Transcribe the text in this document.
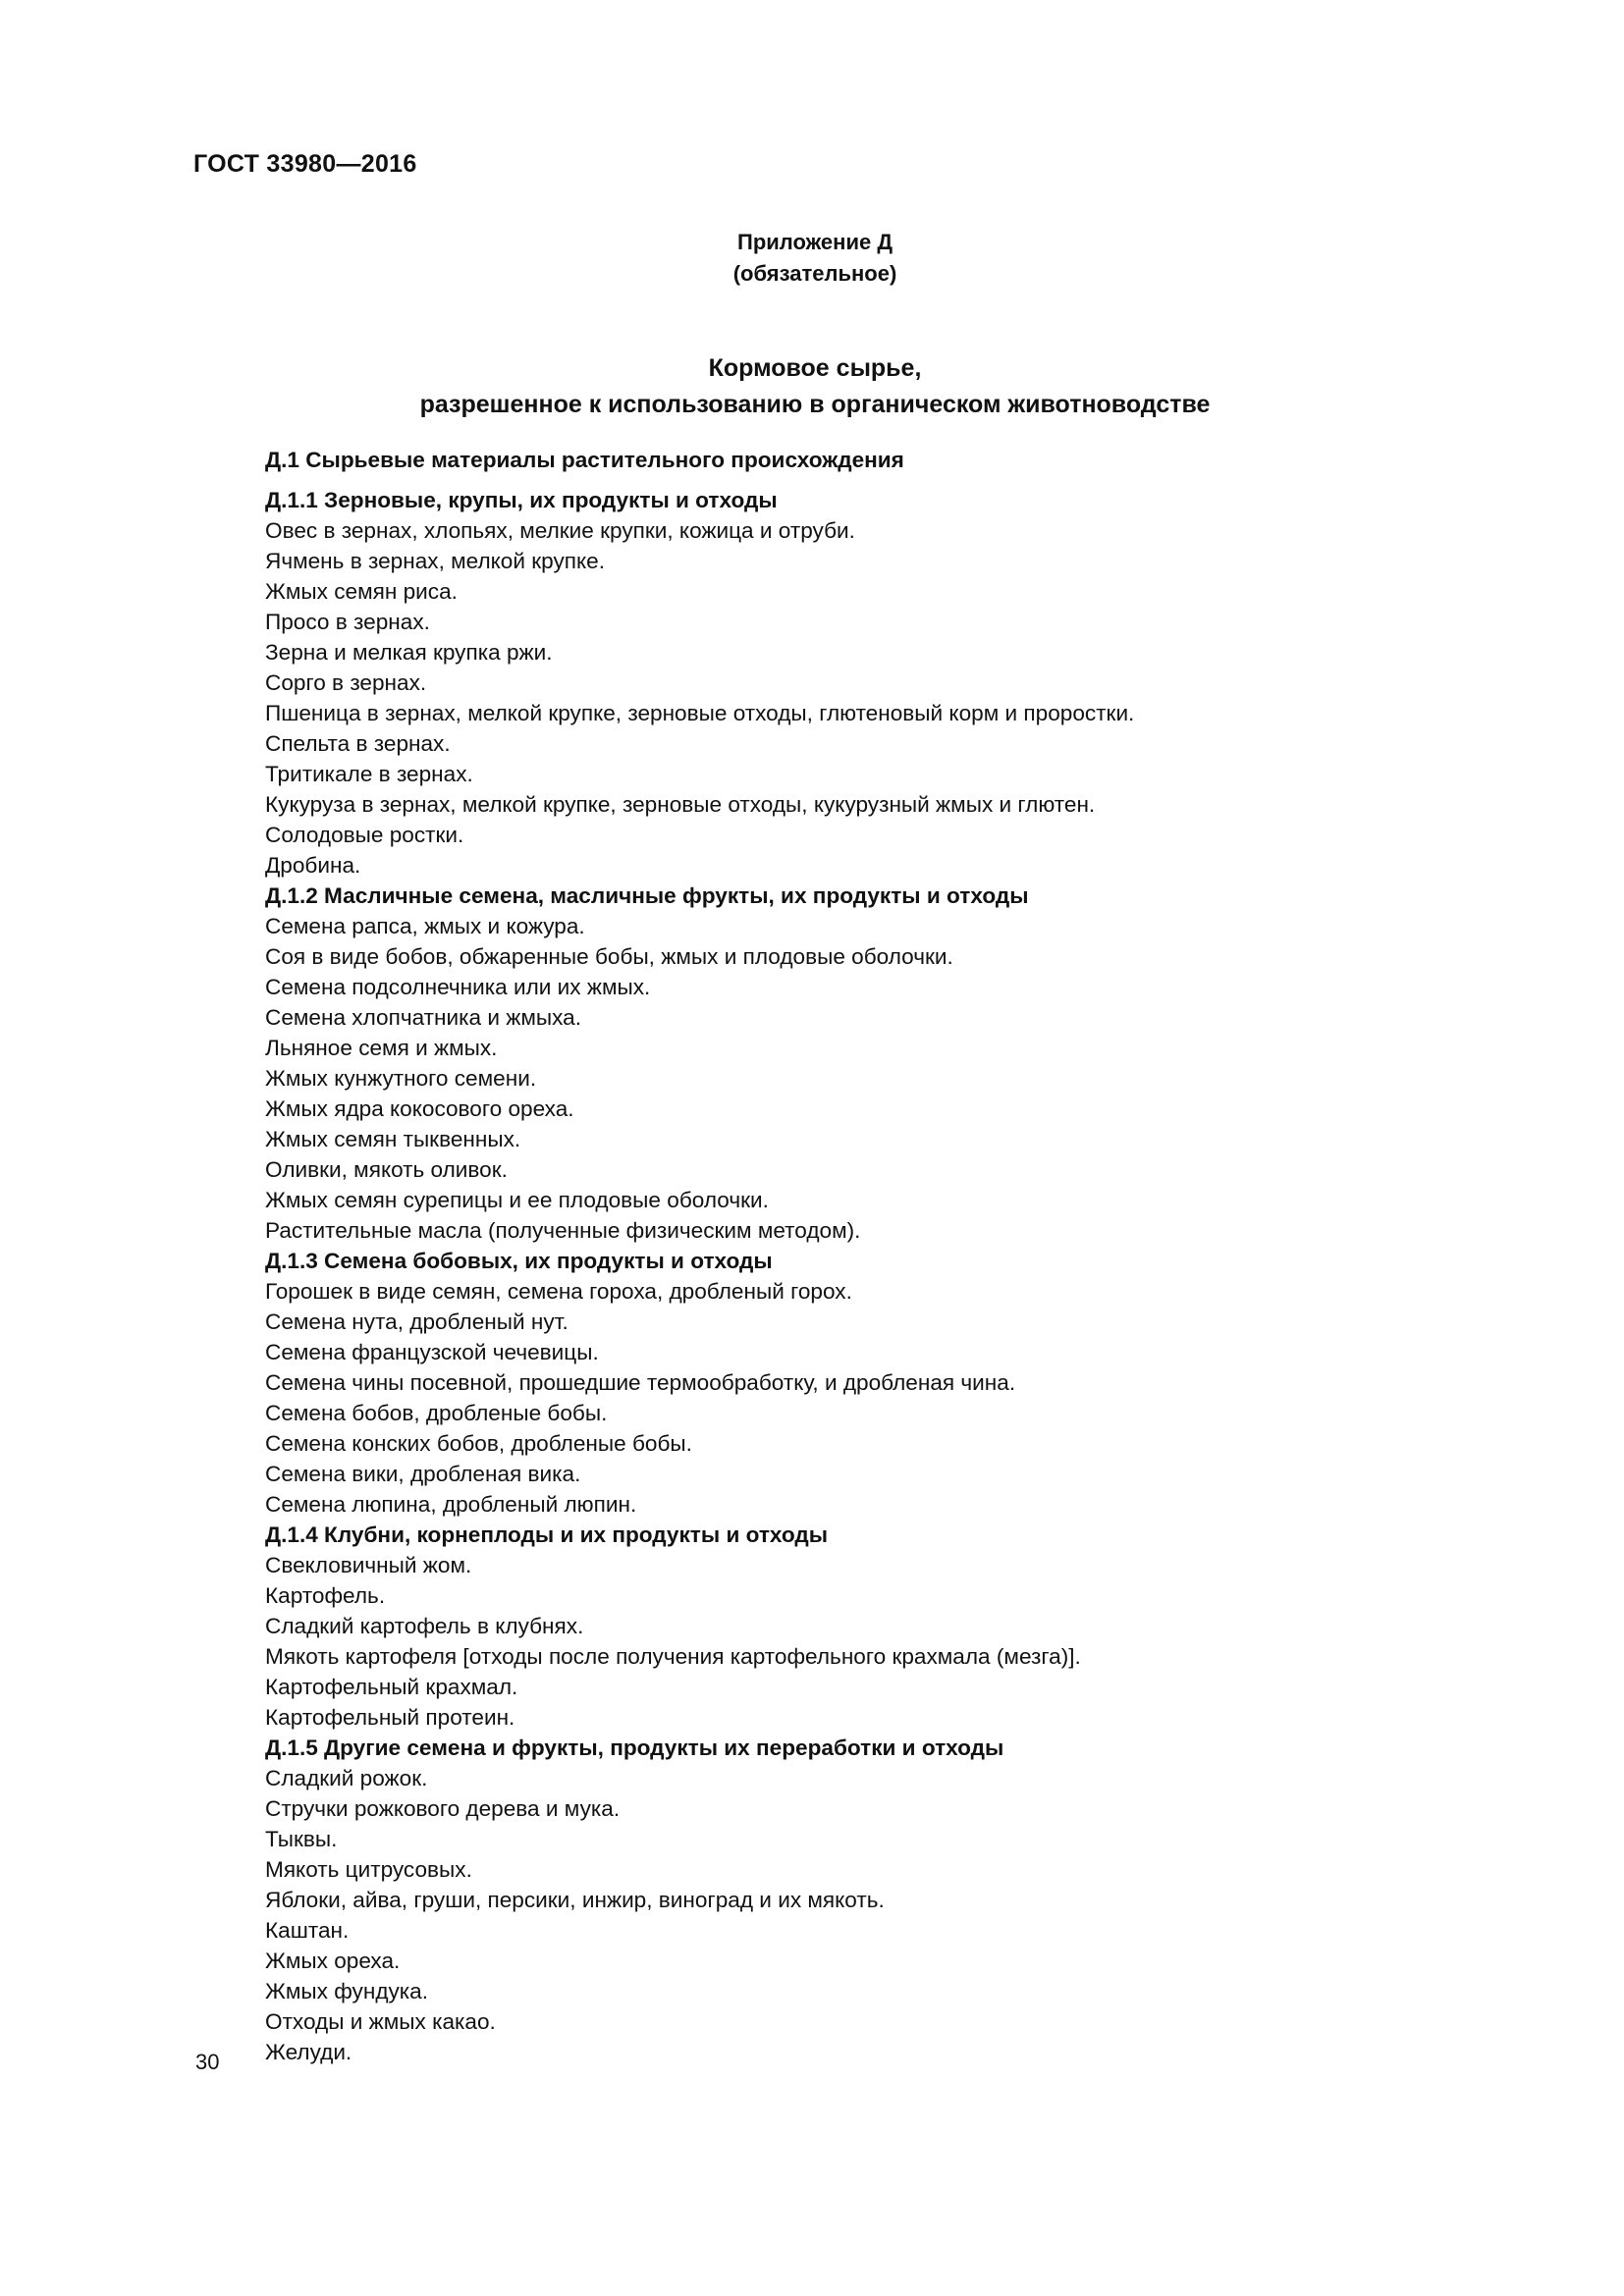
ГОСТ 33980—2016
Приложение Д
(обязательное)
Кормовое сырье,
разрешенное к использованию в органическом животноводстве
Д.1 Сырьевые материалы растительного происхождения
Д.1.1 Зерновые, крупы, их продукты и отходы
Овес в зернах, хлопьях, мелкие крупки, кожица и отруби.
Ячмень в зернах, мелкой крупке.
Жмых семян риса.
Просо в зернах.
Зерна и мелкая крупка ржи.
Сорго в зернах.
Пшеница в зернах, мелкой крупке, зерновые отходы, глютеновый корм и проростки.
Спельта в зернах.
Тритикале в зернах.
Кукуруза в зернах, мелкой крупке, зерновые отходы, кукурузный жмых и глютен.
Солодовые ростки.
Дробина.
Д.1.2 Масличные семена, масличные фрукты, их продукты и отходы
Семена рапса, жмых и кожура.
Соя в виде бобов, обжаренные бобы, жмых и плодовые оболочки.
Семена подсолнечника или их жмых.
Семена хлопчатника и жмыха.
Льняное семя и жмых.
Жмых кунжутного семени.
Жмых ядра кокосового ореха.
Жмых семян тыквенных.
Оливки, мякоть оливок.
Жмых семян сурепицы и ее плодовые оболочки.
Растительные масла (полученные физическим методом).
Д.1.3 Семена бобовых, их продукты и отходы
Горошек в виде семян, семена гороха, дробленый горох.
Семена нута, дробленый нут.
Семена французской чечевицы.
Семена чины посевной, прошедшие термообработку, и дробленая чина.
Семена бобов, дробленые бобы.
Семена конских бобов, дробленые бобы.
Семена вики, дробленая вика.
Семена люпина, дробленый люпин.
Д.1.4 Клубни, корнеплоды и их продукты и отходы
Свекловичный жом.
Картофель.
Сладкий картофель в клубнях.
Мякоть картофеля [отходы после получения картофельного крахмала (мезга)].
Картофельный крахмал.
Картофельный протеин.
Д.1.5 Другие семена и фрукты, продукты их переработки и отходы
Сладкий рожок.
Стручки рожкового дерева и мука.
Тыквы.
Мякоть цитрусовых.
Яблоки, айва, груши, персики, инжир, виноград и их мякоть.
Каштан.
Жмых ореха.
Жмых фундука.
Отходы и жмых какао.
Желуди.
30
